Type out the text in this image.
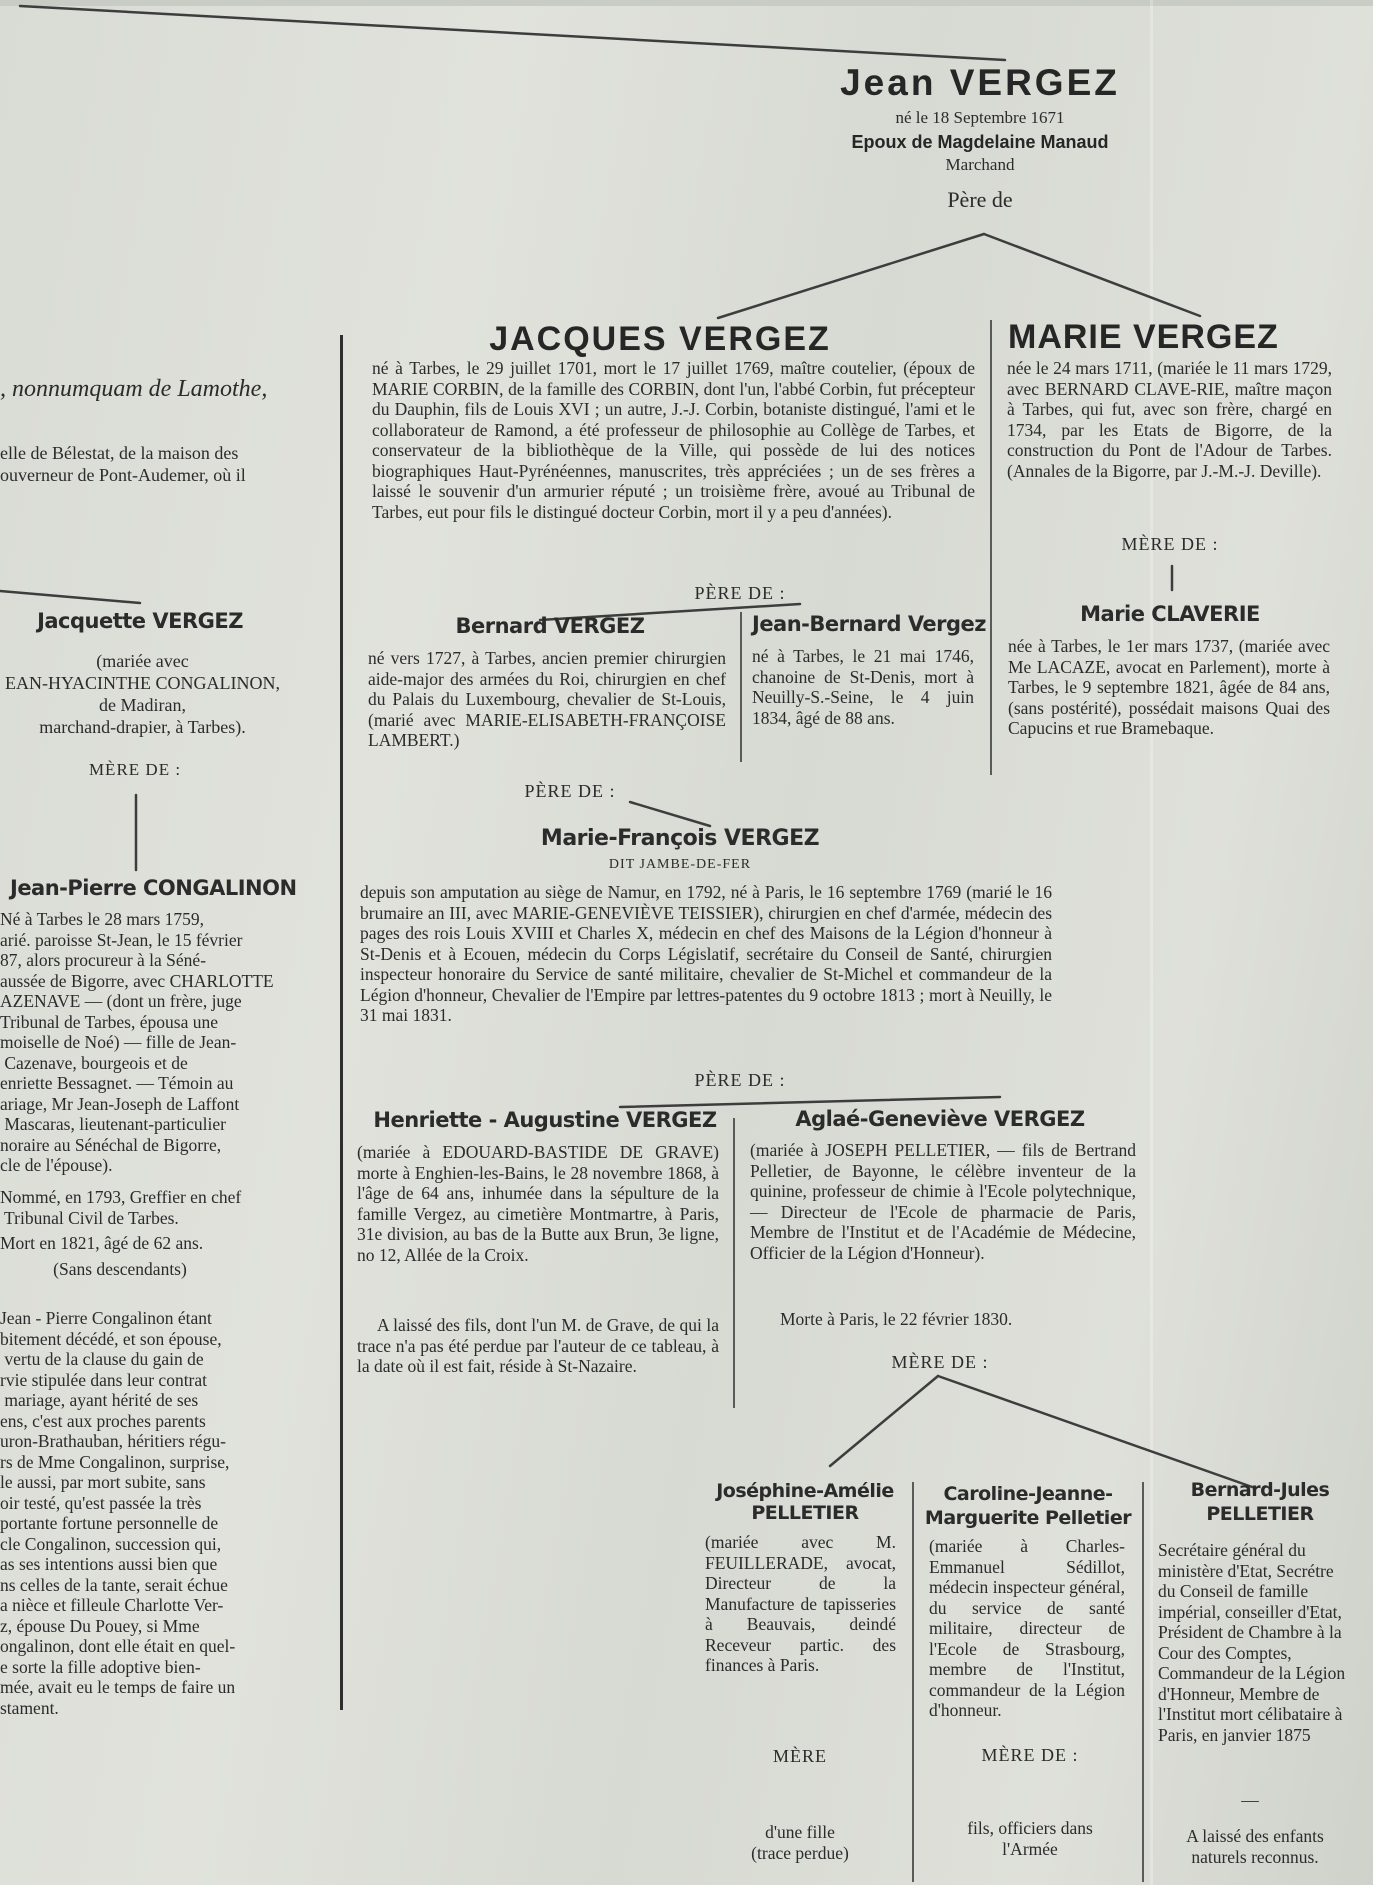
Jean VERGEZ
né le 18 Septembre 1671
Epoux de Magdelaine Manaud
Marchand
Père de
, nonnumquam de Lamothe,
elle de Bélestat, de la maison des
ouverneur de Pont-Audemer, où il
Jacquette VERGEZ
(mariée avec
EAN-HYACINTHE CONGALINON,
de Madiran,
marchand-drapier, à Tarbes).
MÈRE DE :
Jean-Pierre CONGALINON
Né à Tarbes le 28 mars 1759,
arié. paroisse St-Jean, le 15 février
87, alors procureur à la Séné-
aussée de Bigorre, avec CHARLOTTE
AZENAVE — (dont un frère, juge
Tribunal de Tarbes, épousa une
moiselle de Noé) — fille de Jean-
Cazenave, bourgeois et de
enriette Bessagnet. — Témoin au
ariage, Mr Jean-Joseph de Laffont
Mascaras, lieutenant-particulier
noraire au Sénéchal de Bigorre,
cle de l'épouse).
Nommé, en 1793, Greffier en chef
Tribunal Civil de Tarbes.
Mort en 1821, âgé de 62 ans.
(Sans descendants)
Jean - Pierre Congalinon étant
bitement décédé, et son épouse,
vertu de la clause du gain de
rvie stipulée dans leur contrat
mariage, ayant hérité de ses
ens, c'est aux proches parents
uron-Brathauban, héritiers régu-
rs de Mme Congalinon, surprise,
le aussi, par mort subite, sans
oir testé, qu'est passée la très
portante fortune personnelle de
cle Congalinon, succession qui,
as ses intentions aussi bien que
ns celles de la tante, serait échue
a nièce et filleule Charlotte Ver-
z, épouse Du Pouey, si Mme
ongalinon, dont elle était en quel-
e sorte la fille adoptive bien-
mée, avait eu le temps de faire un
stament.
JACQUES VERGEZ
né à Tarbes, le 29 juillet 1701, mort le 17 juillet 1769, maître coutelier, (époux de MARIE CORBIN, de la famille des CORBIN, dont l'un, l'abbé Corbin, fut précepteur du Dauphin, fils de Louis XVI ; un autre, J.-J. Corbin, botaniste distingué, l'ami et le collaborateur de Ramond, a été professeur de philosophie au Collège de Tarbes, et conservateur de la bibliothèque de la Ville, qui possède de lui des notices biographiques Haut-Pyrénéennes, manuscrites, très appréciées ; un de ses frères a laissé le souvenir d'un armurier réputé ; un troisième frère, avoué au Tribunal de Tarbes, eut pour fils le distingué docteur Corbin, mort il y a peu d'années).
PÈRE DE :
MARIE VERGEZ
née le 24 mars 1711, (mariée le 11 mars 1729, avec BERNARD CLAVE-RIE, maître maçon à Tarbes, qui fut, avec son frère, chargé en 1734, par les Etats de Bigorre, de la construction du Pont de l'Adour de Tarbes. (Annales de la Bigorre, par J.-M.-J. Deville).
MÈRE DE :
Marie CLAVERIE
née à Tarbes, le 1er mars 1737, (mariée avec Me LACAZE, avocat en Parlement), morte à Tarbes, le 9 septembre 1821, âgée de 84 ans, (sans postérité), possédait maisons Quai des Capucins et rue Bramebaque.
Bernard VERGEZ
né vers 1727, à Tarbes, ancien premier chirurgien aide-major des armées du Roi, chirurgien en chef du Palais du Luxembourg, chevalier de St-Louis, (marié avec MARIE-ELISABETH-FRANÇOISE LAMBERT.)
PÈRE DE :
Jean-Bernard Vergez
né à Tarbes, le 21 mai 1746, chanoine de St-Denis, mort à Neuilly-S.-Seine, le 4 juin 1834, âgé de 88 ans.
Marie-François VERGEZ
DIT JAMBE-DE-FER
depuis son amputation au siège de Namur, en 1792, né à Paris, le 16 septembre 1769 (marié le 16 brumaire an III, avec MARIE-GENEVIÈVE TEISSIER), chirurgien en chef d'armée, médecin des pages des rois Louis XVIII et Charles X, médecin en chef des Maisons de la Légion d'honneur à St-Denis et à Ecouen, médecin du Corps Législatif, secrétaire du Conseil de Santé, chirurgien inspecteur honoraire du Service de santé militaire, chevalier de St-Michel et commandeur de la Légion d'honneur, Chevalier de l'Empire par lettres-patentes du 9 octobre 1813 ; mort à Neuilly, le 31 mai 1831.
PÈRE DE :
Henriette - Augustine VERGEZ
(mariée à EDOUARD-BASTIDE DE GRAVE) morte à Enghien-les-Bains, le 28 novembre 1868, à l'âge de 64 ans, inhumée dans la sépulture de la famille Vergez, au cimetière Montmartre, à Paris, 31e division, au bas de la Butte aux Brun, 3e ligne, no 12, Allée de la Croix.
A laissé des fils, dont l'un M. de Grave, de qui la trace n'a pas été perdue par l'auteur de ce tableau, à la date où il est fait, réside à St-Nazaire.
Aglaé-Geneviève VERGEZ
(mariée à JOSEPH PELLETIER, — fils de Bertrand Pelletier, de Bayonne, le célèbre inventeur de la quinine, professeur de chimie à l'Ecole polytechnique, — Directeur de l'Ecole de pharmacie de Paris, Membre de l'Institut et de l'Académie de Médecine, Officier de la Légion d'Honneur).
Morte à Paris, le 22 février 1830.
MÈRE DE :
Joséphine-Amélie
PELLETIER
(mariée avec M. FEUILLERADE, avocat, Directeur de la Manufacture de tapisseries à Beauvais, deindé Receveur partic. des finances à Paris.
MÈRE
d'une fille
(trace perdue)
Caroline-Jeanne-
Marguerite Pelletier
(mariée à Charles-Emmanuel Sédillot, médecin inspecteur général, du service de santé militaire, directeur de l'Ecole de Strasbourg, membre de l'Institut, commandeur de la Légion d'honneur.
MÈRE DE :
fils, officiers dans
l'Armée
Bernard-Jules
PELLETIER
Secrétaire général du ministère d'Etat, Secrétre du Conseil de famille impérial, conseiller d'Etat, Président de Chambre à la Cour des Comptes, Commandeur de la Légion d'Honneur, Membre de l'Institut mort célibataire à Paris, en janvier 1875
—
A laissé des enfants
naturels reconnus.
